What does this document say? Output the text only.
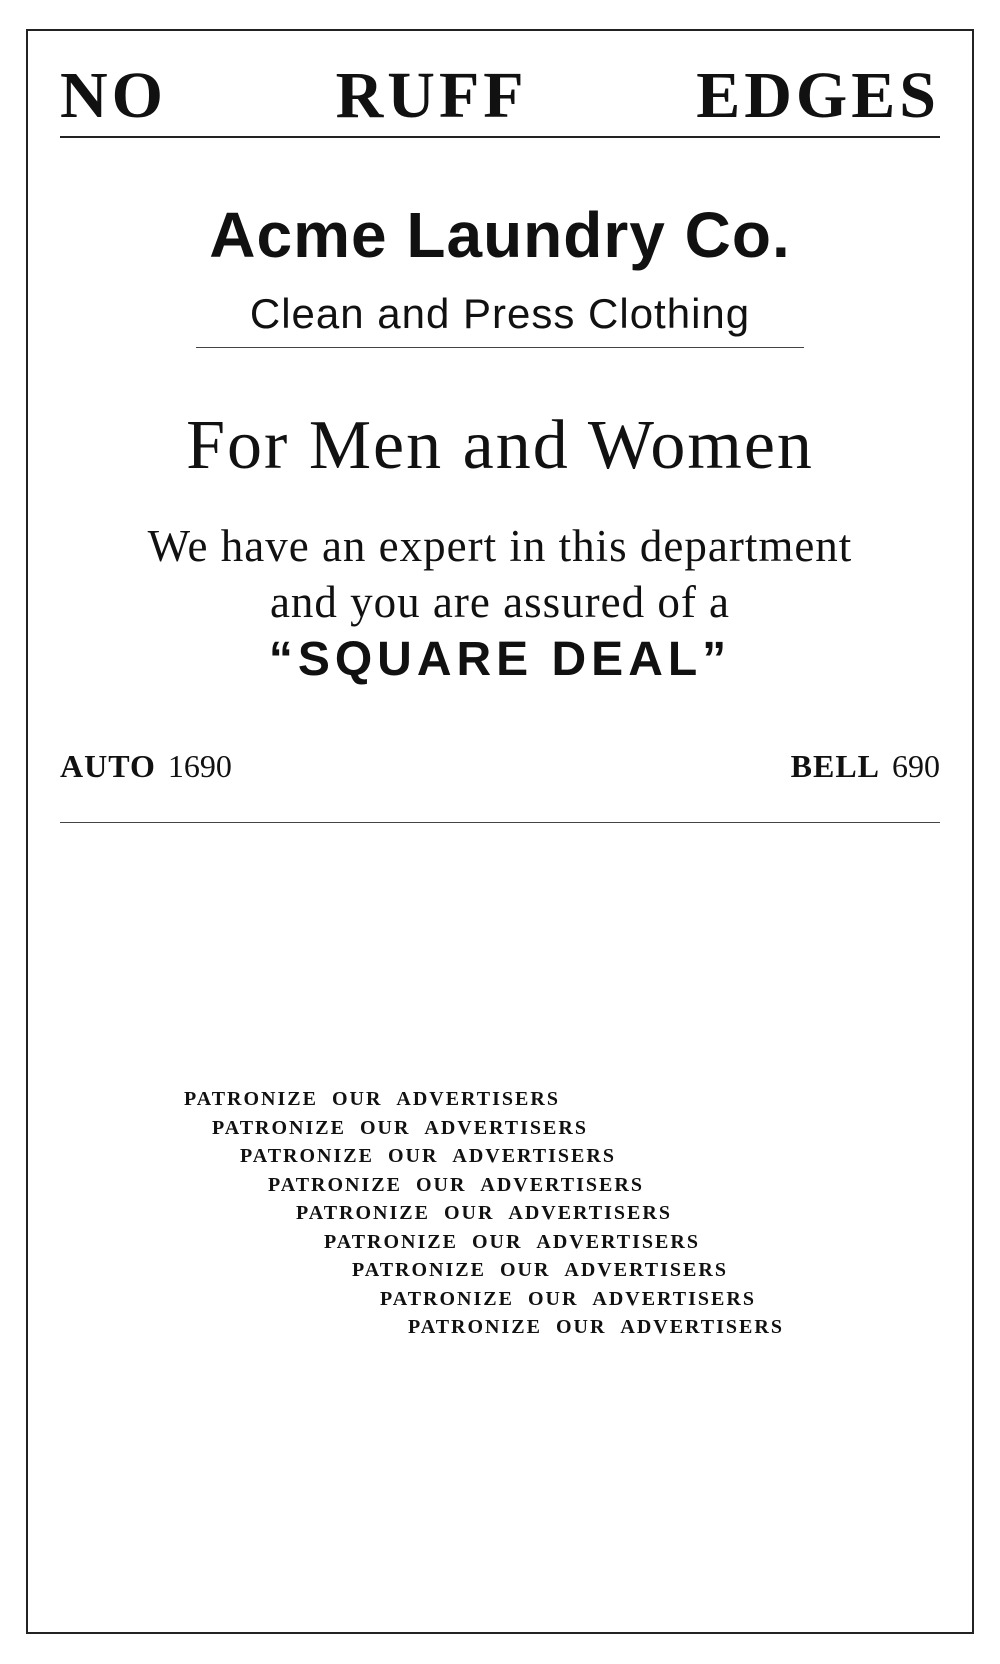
NO	RUFF	EDGES
Acme Laundry Co.
Clean and Press Clothing
For Men and Women
We have an expert in this department
and you are assured of a
“SQUARE DEAL”
AUTO 1690	BELL 690
PATRONIZE OUR ADVERTISERS
PATRONIZE OUR ADVERTISERS
PATRONIZE OUR ADVERTISERS
PATRONIZE OUR ADVERTISERS
PATRONIZE OUR ADVERTISERS
PATRONIZE OUR ADVERTISERS
PATRONIZE OUR ADVERTISERS
PATRONIZE OUR ADVERTISERS
PATRONIZE OUR ADVERTISERS
